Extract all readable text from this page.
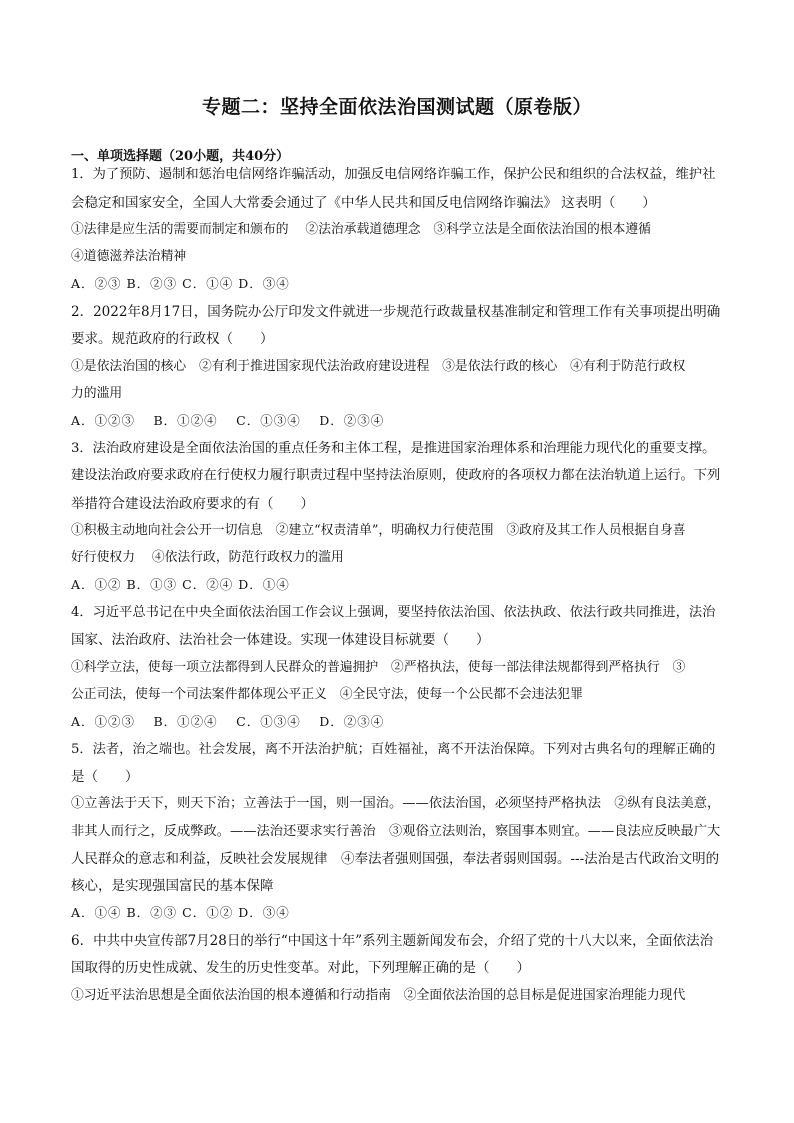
专题二：坚持全面依法治国测试题（原卷版）
一、单项选择题（20小题，共40分）
1．为了预防、遏制和惩治电信网络诈骗活动，加强反电信网络诈骗工作，保护公民和组织的合法权益，维护社
会稳定和国家安全，全国人大常委会通过了《中华人民共和国反电信网络诈骗法》 这表明（　　）
①法律是应生活的需要而制定和颁布的　 ②法治承载道德理念　③科学立法是全面依法治国的根本遵循
④道德滋养法治精神
A．②③ B．②③ C．①④ D．③④
2．2022年8月17日，国务院办公厅印发文件就进一步规范行政裁量权基准制定和管理工作有关事项提出明确
要求。规范政府的行政权（　　）
①是依法治国的核心　②有利于推进国家现代法治政府建设进程　③是依法行政的核心　④有利于防范行政权
力的滥用
A．①②③　 B．①②④　 C．①③④　 D．②③④
3．法治政府建设是全面依法治国的重点任务和主体工程，是推进国家治理体系和治理能力现代化的重要支撑。
建设法治政府要求政府在行使权力履行职责过程中坚持法治原则，使政府的各项权力都在法治轨道上运行。下列
举措符合建设法治政府要求的有（　　）
①积极主动地向社会公开一切信息　②建立“权责清单”，明确权力行使范围　③政府及其工作人员根据自身喜
好行使权力　 ④依法行政，防范行政权力的滥用
A．①② B．①③ C．②④ D．①④
4．习近平总书记在中央全面依法治国工作会议上强调，要坚持依法治国、依法执政、依法行政共同推进，法治
国家、法治政府、法治社会一体建设。实现一体建设目标就要（　　）
①科学立法，使每一项立法都得到人民群众的普遍拥护　②严格执法，使每一部法律法规都得到严格执行　③
公正司法，使每一个司法案件都体现公平正义　④全民守法，使每一个公民都不会违法犯罪
A．①②③　 B．①②④　 C．①③④　 D．②③④
5．法者，治之端也。社会发展，离不开法治护航；百姓福祉，离不开法治保障。下列对古典名句的理解正确的
是（　　）
①立善法于天下，则天下治；立善法于一国，则一国治。——依法治国，必须坚持严格执法　②纵有良法美意，
非其人而行之，反成弊政。——法治还要求实行善治　③观俗立法则治，察国事本则宜。——良法应反映最广大
人民群众的意志和利益，反映社会发展规律　④奉法者强则国强，奉法者弱则国弱。---法治是古代政治文明的
核心，是实现强国富民的基本保障
A．①④ B．②③ C．①② D．③④
6．中共中央宣传部7月28日的举行“中国这十年”系列主题新闻发布会，介绍了党的十八大以来，全面依法治
国取得的历史性成就、发生的历史性变革。对此，下列理解正确的是（　　）
①习近平法治思想是全面依法治国的根本遵循和行动指南　②全面依法治国的总目标是促进国家治理能力现代
